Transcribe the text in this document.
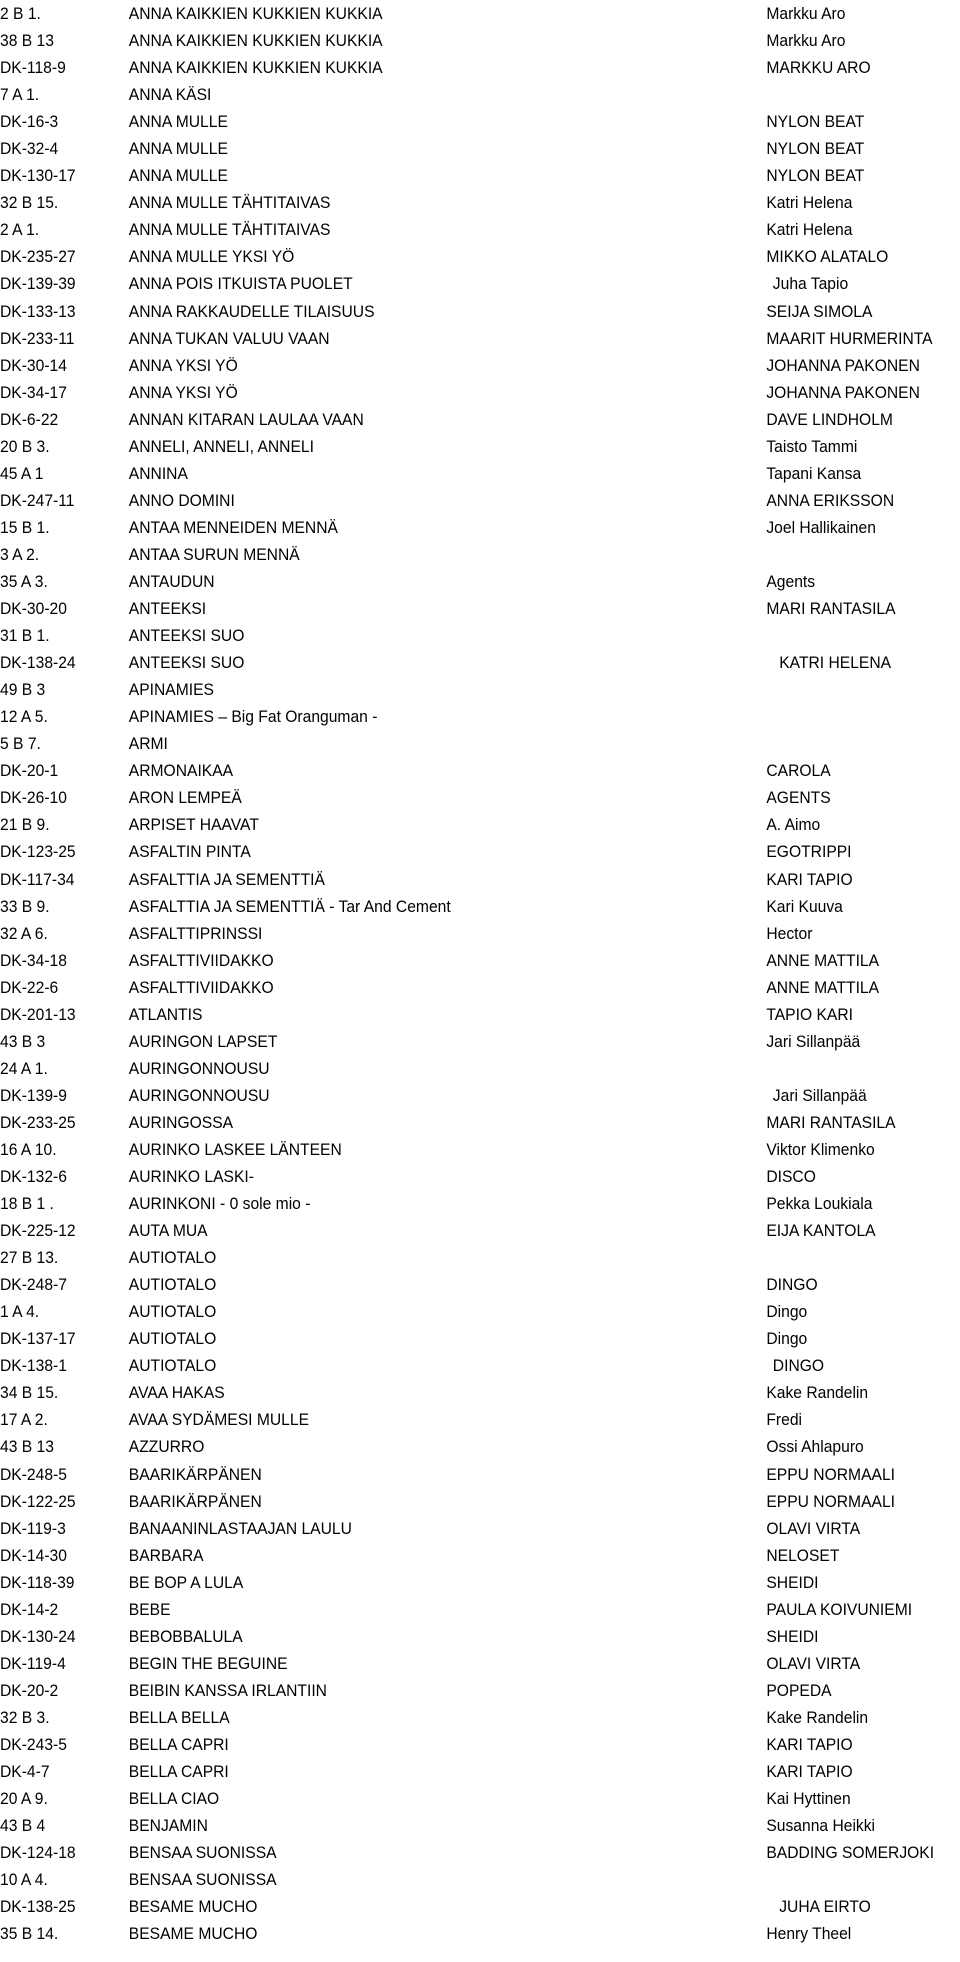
2 B 1.	ANNA KAIKKIEN KUKKIEN KUKKIA	Markku Aro
38 B 13	ANNA KAIKKIEN KUKKIEN KUKKIA	Markku Aro
DK-118-9	ANNA KAIKKIEN KUKKIEN KUKKIA	MARKKU ARO
7 A 1.	ANNA KÄSI
DK-16-3	ANNA MULLE	NYLON BEAT
DK-32-4	ANNA MULLE	NYLON BEAT
DK-130-17	ANNA MULLE	NYLON BEAT
32 B 15.	ANNA MULLE TÄHTITAIVAS	Katri Helena
2 A 1.	ANNA MULLE TÄHTITAIVAS	Katri Helena
DK-235-27	ANNA MULLE YKSI YÖ	MIKKO ALATALO
DK-139-39	ANNA POIS ITKUISTA PUOLET	Juha Tapio
DK-133-13	ANNA RAKKAUDELLE TILAISUUS	SEIJA SIMOLA
DK-233-11	ANNA TUKAN VALUU VAAN	MAARIT HURMERINTA
DK-30-14	ANNA YKSI YÖ	JOHANNA PAKONEN
DK-34-17	ANNA YKSI YÖ	JOHANNA PAKONEN
DK-6-22	ANNAN KITARAN LAULAA VAAN	DAVE LINDHOLM
20 B 3.	ANNELI, ANNELI, ANNELI	Taisto Tammi
45 A 1	ANNINA	Tapani Kansa
DK-247-11	ANNO DOMINI	ANNA ERIKSSON
15 B 1.	ANTAA MENNEIDEN MENNÄ	Joel Hallikainen
3 A 2.	ANTAA SURUN MENNÄ
35 A 3.	ANTAUDUN	Agents
DK-30-20	ANTEEKSI	MARI RANTASILA
31 B 1.	ANTEEKSI SUO
DK-138-24	ANTEEKSI SUO	KATRI HELENA
49 B 3	APINAMIES
12 A 5.	APINAMIES – Big Fat Oranguman -
5 B 7.	ARMI
DK-20-1	ARMONAIKAA	CAROLA
DK-26-10	ARON LEMPEÄ	AGENTS
21 B 9.	ARPISET HAAVAT	A. Aimo
DK-123-25	ASFALTIN PINTA	EGOTRIPPI
DK-117-34	ASFALTTIA JA SEMENTTIÄ	KARI TAPIO
33 B 9.	ASFALTTIA JA SEMENTTIÄ - Tar And Cement	Kari Kuuva
32 A 6.	ASFALTTIPRINSSI	Hector
DK-34-18	ASFALTTIVIIDAKKO	ANNE MATTILA
DK-22-6	ASFALTTIVIIDAKKO	ANNE MATTILA
DK-201-13	ATLANTIS	TAPIO KARI
43 B 3	AURINGON LAPSET	Jari Sillanpää
24 A 1.	AURINGONNOUSU
DK-139-9	AURINGONNOUSU	Jari Sillanpää
DK-233-25	AURINGOSSA	MARI RANTASILA
16 A 10.	AURINKO LASKEE LÄNTEEN	Viktor Klimenko
DK-132-6	AURINKO LASKI-	DISCO
18 B 1 .	AURINKONI - 0 sole mio -	Pekka Loukiala
DK-225-12	AUTA MUA	EIJA KANTOLA
27 B 13.	AUTIOTALO
DK-248-7	AUTIOTALO	DINGO
1 A 4.	AUTIOTALO	Dingo
DK-137-17	AUTIOTALO	Dingo
DK-138-1	AUTIOTALO	DINGO
34 B 15.	AVAA HAKAS	Kake Randelin
17 A 2.	AVAA SYDÄMESI MULLE	Fredi
43 B 13	AZZURRO	Ossi Ahlapuro
DK-248-5	BAARIKÄRPÄNEN	EPPU NORMAALI
DK-122-25	BAARIKÄRPÄNEN	EPPU NORMAALI
DK-119-3	BANAANINLASTAAJAN LAULU	OLAVI VIRTA
DK-14-30	BARBARA	NELOSET
DK-118-39	BE BOP A LULA	SHEIDI
DK-14-2	BEBE	PAULA KOIVUNIEMI
DK-130-24	BEBOBBALULA	SHEIDI
DK-119-4	BEGIN THE BEGUINE	OLAVI VIRTA
DK-20-2	BEIBIN KANSSA IRLANTIIN	POPEDA
32 B 3.	BELLA BELLA	Kake Randelin
DK-243-5	BELLA CAPRI	KARI TAPIO
DK-4-7	BELLA CAPRI	KARI TAPIO
20 A 9.	BELLA CIAO	Kai Hyttinen
43 B 4	BENJAMIN	Susanna Heikki
DK-124-18	BENSAA SUONISSA	BADDING SOMERJOKI
10 A 4.	BENSAA SUONISSA
DK-138-25	BESAME MUCHO	JUHA EIRTO
35 B 14.	BESAME MUCHO	Henry Theel
